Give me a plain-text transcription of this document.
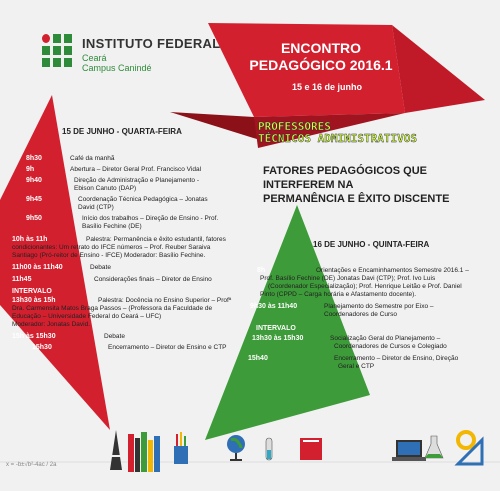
INSTITUTO FEDERAL
Ceará
Campus Canindé
ENCONTRO
PEDAGÓGICO 2016.1
15 e 16 de junho
PROFESSORES
TÉCNICOS ADMINISTRATIVOS
FATORES PEDAGÓGICOS QUE INTERFEREM NA
PERMANÊNCIA E ÊXITO DISCENTE
15 DE JUNHO - QUARTA-FEIRA
8h30	Café da manhã
9h	Abertura – Diretor Geral Prof. Francisco Vidal
9h40	Direção de Administração e Planejamento -
Ebison Canuto (DAP)
9h45	Coordenação Técnica Pedagógica – Jonatas
David (CTP)
9h50	Início dos trabalhos – Direção de Ensino - Prof.
Basílio Fechine (DE)
10h às 11h	Palestra: Permanência e êxito estudantil, fatores
condicionantes: Um retrato do IFCE números – Prof. Reuber Saraiva
Santiago (Pró-reitor de Ensino - IFCE) Moderador: Basílio Fechine.
11h00 às 11h40	Debate
11h45	Considerações finais – Diretor de Ensino
INTERVALO
13h30 às 15h	Palestra: Docência no Ensino Superior – Profª
Dra. Carmensita Matos Braga Passos – (Professora da Faculdade de
Educação – Universidade Federal do Ceará – UFC)
Moderador: Jonatas David.
15h às 15h30	Debate
15h30	Encerramento – Diretor de Ensino e CTP
16 DE JUNHO - QUINTA-FEIRA
8h	Orientações e Encaminhamentos Semestre 2016.1 –
Prof. Basílio Fechine (DE) Jonatas Davi (CTP); Prof. Ivo Luis
(Coordenador Especialização); Prof. Henrique Leitão e Prof. Daniel
Pinto (CPPD – Carga horária e Afastamento docente).
9h30 às 11h40	Planejamento do Semestre por Eixo –
Coordenadores de Curso
INTERVALO
13h30 às 15h30	Socialização Geral do Planejamento –
Coordenadores de Cursos e Colegiado
15h40	Encerramento – Diretor de Ensino, Direção
Geral e CTP
x = -b±√b²-4ac / 2a
